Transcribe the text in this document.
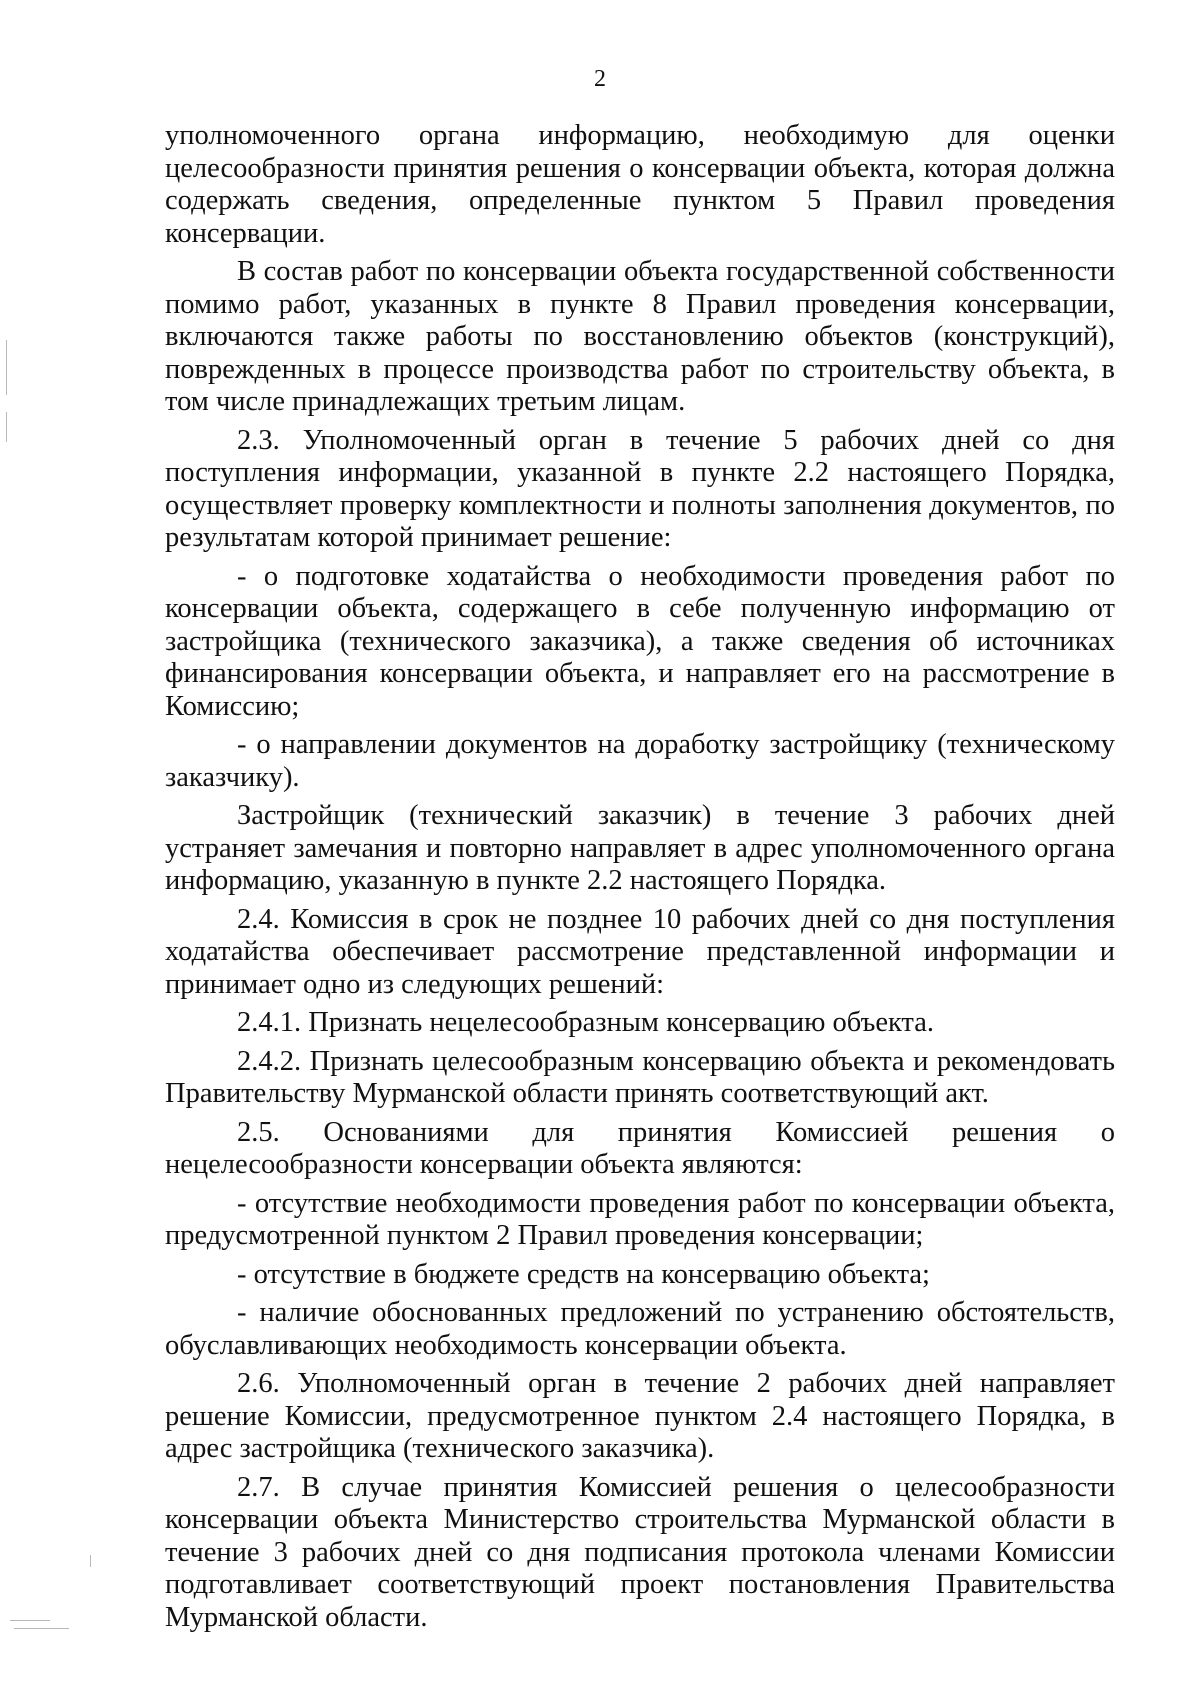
2

уполномоченного органа информацию, необходимую для оценки целесообразности принятия решения о консервации объекта, которая должна содержать сведения, определенные пунктом 5 Правил проведения консервации.

В состав работ по консервации объекта государственной собственности помимо работ, указанных в пункте 8 Правил проведения консервации, включаются также работы по восстановлению объектов (конструкций), поврежденных в процессе производства работ по строительству объекта, в том числе принадлежащих третьим лицам.

2.3. Уполномоченный орган в течение 5 рабочих дней со дня поступления информации, указанной в пункте 2.2 настоящего Порядка, осуществляет проверку комплектности и полноты заполнения документов, по результатам которой принимает решение:

- о подготовке ходатайства о необходимости проведения работ по консервации объекта, содержащего в себе полученную информацию от застройщика (технического заказчика), а также сведения об источниках финансирования консервации объекта, и направляет его на рассмотрение в Комиссию;

- о направлении документов на доработку застройщику (техническому заказчику).

Застройщик (технический заказчик) в течение 3 рабочих дней устраняет замечания и повторно направляет в адрес уполномоченного органа информацию, указанную в пункте 2.2 настоящего Порядка.

2.4. Комиссия в срок не позднее 10 рабочих дней со дня поступления ходатайства обеспечивает рассмотрение представленной информации и принимает одно из следующих решений:

2.4.1. Признать нецелесообразным консервацию объекта.

2.4.2. Признать целесообразным консервацию объекта и рекомендовать Правительству Мурманской области принять соответствующий акт.

2.5. Основаниями для принятия Комиссией решения о нецелесообразности консервации объекта являются:

- отсутствие необходимости проведения работ по консервации объекта, предусмотренной пунктом 2 Правил проведения консервации;

- отсутствие в бюджете средств на консервацию объекта;

- наличие обоснованных предложений по устранению обстоятельств, обуславливающих необходимость консервации объекта.

2.6. Уполномоченный орган в течение 2 рабочих дней направляет решение Комиссии, предусмотренное пунктом 2.4 настоящего Порядка, в адрес застройщика (технического заказчика).

2.7. В случае принятия Комиссией решения о целесообразности консервации объекта Министерство строительства Мурманской области в течение 3 рабочих дней со дня подписания протокола членами Комиссии подготавливает соответствующий проект постановления Правительства Мурманской области.
